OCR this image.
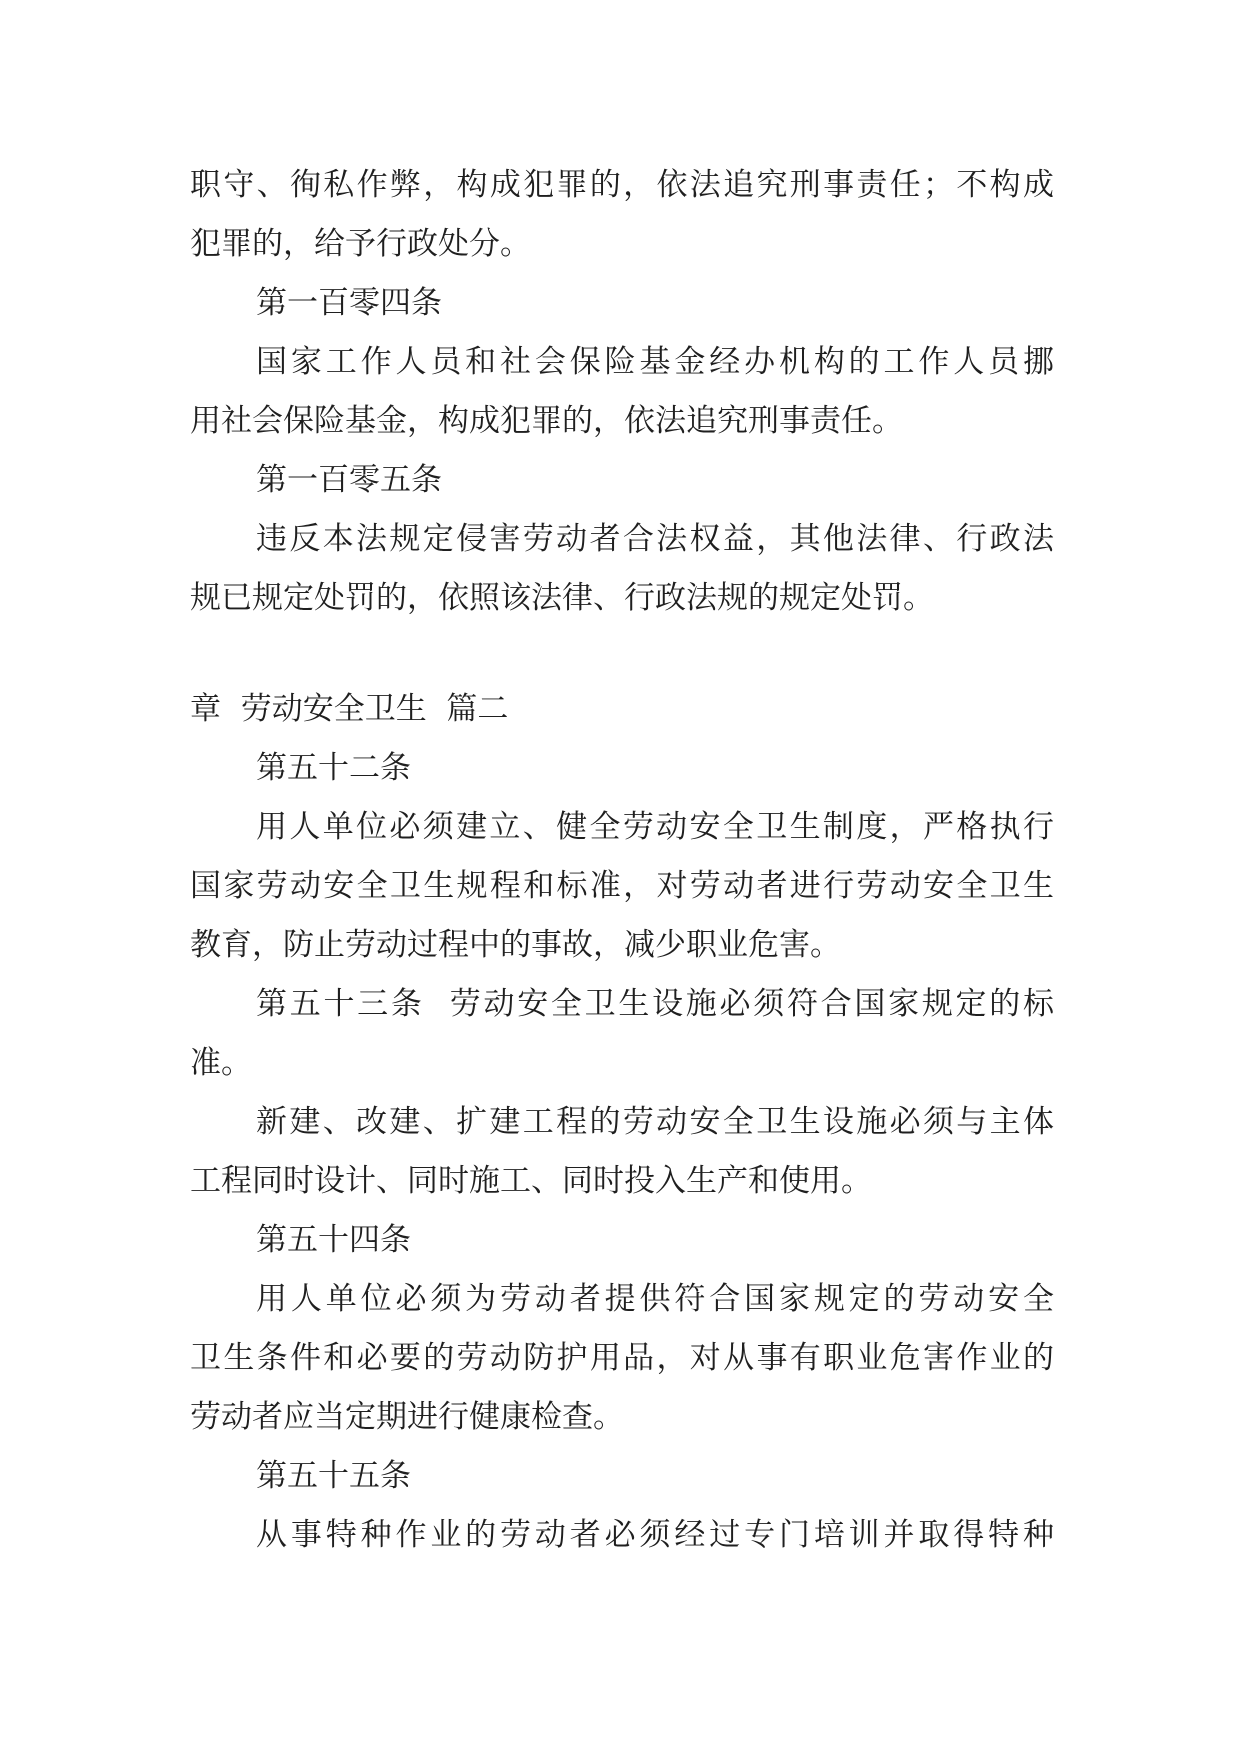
职守、徇私作弊，构成犯罪的，依法追究刑事责任；不构成

犯罪的，给予行政处分。

第一百零四条

国家工作人员和社会保险基金经办机构的工作人员挪

用社会保险基金，构成犯罪的，依法追究刑事责任。

第一百零五条

违反本法规定侵害劳动者合法权益，其他法律、行政法

规已规定处罚的，依照该法律、行政法规的规定处罚。

章  劳动安全卫生  篇二

第五十二条

用人单位必须建立、健全劳动安全卫生制度，严格执行

国家劳动安全卫生规程和标准，对劳动者进行劳动安全卫生

教育，防止劳动过程中的事故，减少职业危害。

第五十三条  劳动安全卫生设施必须符合国家规定的标

准。

新建、改建、扩建工程的劳动安全卫生设施必须与主体

工程同时设计、同时施工、同时投入生产和使用。

第五十四条

用人单位必须为劳动者提供符合国家规定的劳动安全

卫生条件和必要的劳动防护用品，对从事有职业危害作业的

劳动者应当定期进行健康检查。

第五十五条

从事特种作业的劳动者必须经过专门培训并取得特种
